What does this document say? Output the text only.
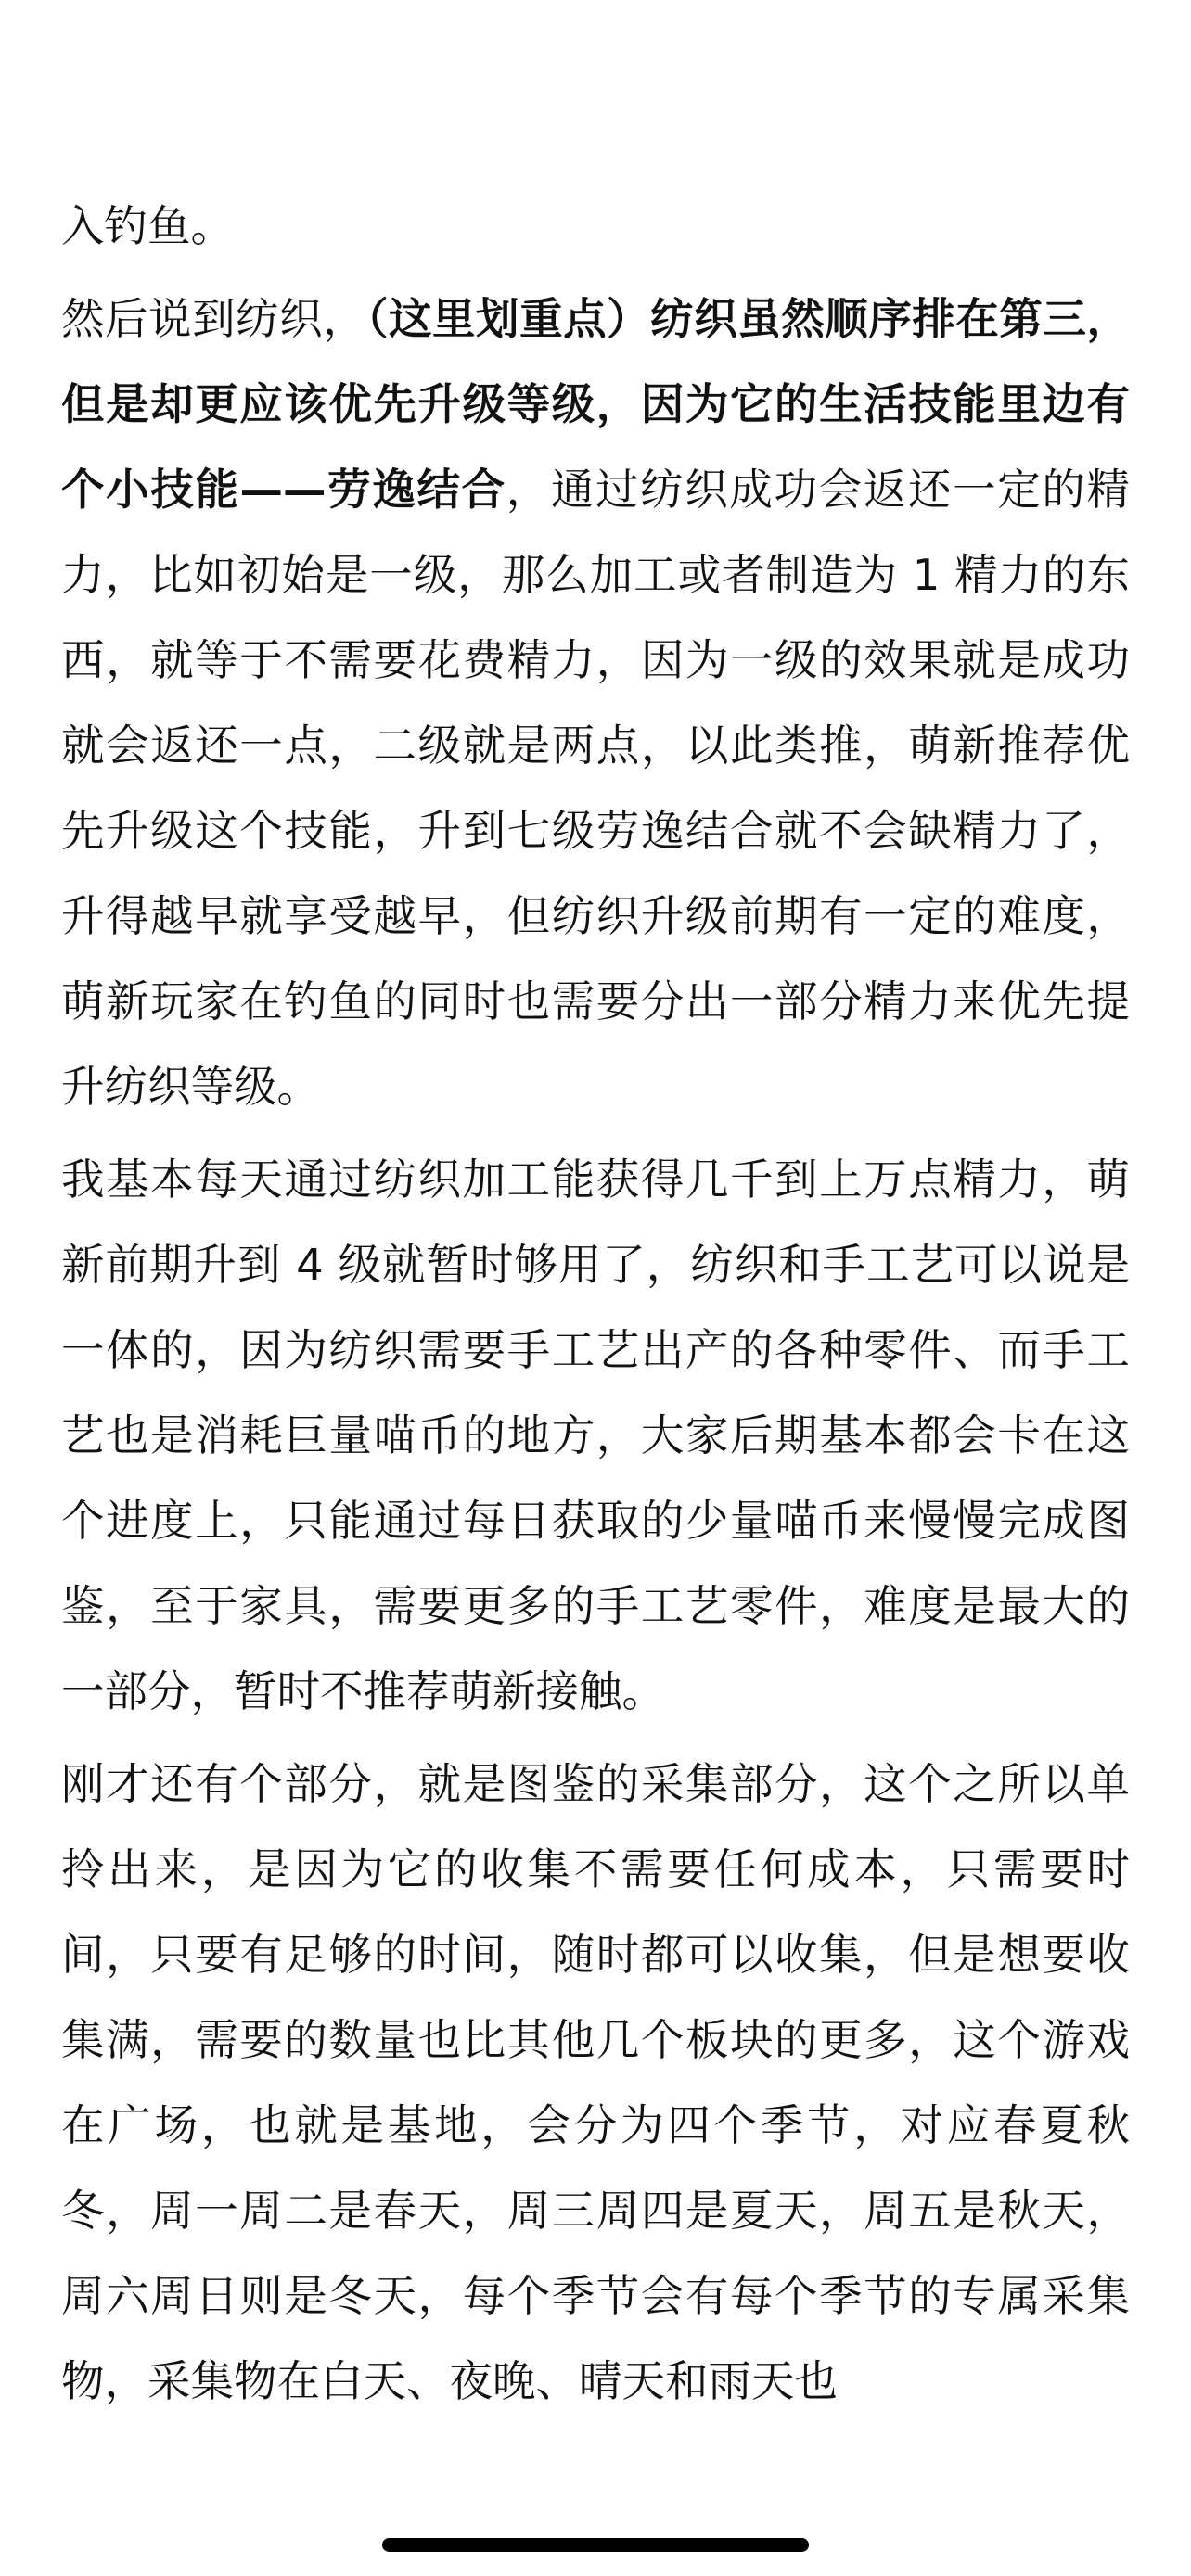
入钓鱼。

然后说到纺织，（这里划重点）纺织虽然顺序排在第三，但是却更应该优先升级等级，因为它的生活技能里边有个小技能——劳逸结合，通过纺织成功会返还一定的精力，比如初始是一级，那么加工或者制造为 1 精力的东西，就等于不需要花费精力，因为一级的效果就是成功就会返还一点，二级就是两点，以此类推，萌新推荐优先升级这个技能，升到七级劳逸结合就不会缺精力了，升得越早就享受越早，但纺织升级前期有一定的难度，萌新玩家在钓鱼的同时也需要分出一部分精力来优先提升纺织等级。

我基本每天通过纺织加工能获得几千到上万点精力，萌新前期升到 4 级就暂时够用了，纺织和手工艺可以说是一体的，因为纺织需要手工艺出产的各种零件、而手工艺也是消耗巨量喵币的地方，大家后期基本都会卡在这个进度上，只能通过每日获取的少量喵币来慢慢完成图鉴，至于家具，需要更多的手工艺零件，难度是最大的一部分，暂时不推荐萌新接触。

刚才还有个部分，就是图鉴的采集部分，这个之所以单拎出来，是因为它的收集不需要任何成本，只需要时间，只要有足够的时间，随时都可以收集，但是想要收集满，需要的数量也比其他几个板块的更多，这个游戏在广场，也就是基地，会分为四个季节，对应春夏秋冬，周一周二是春天，周三周四是夏天，周五是秋天，周六周日则是冬天，每个季节会有每个季节的专属采集物，采集物在白天、夜晚、晴天和雨天也
